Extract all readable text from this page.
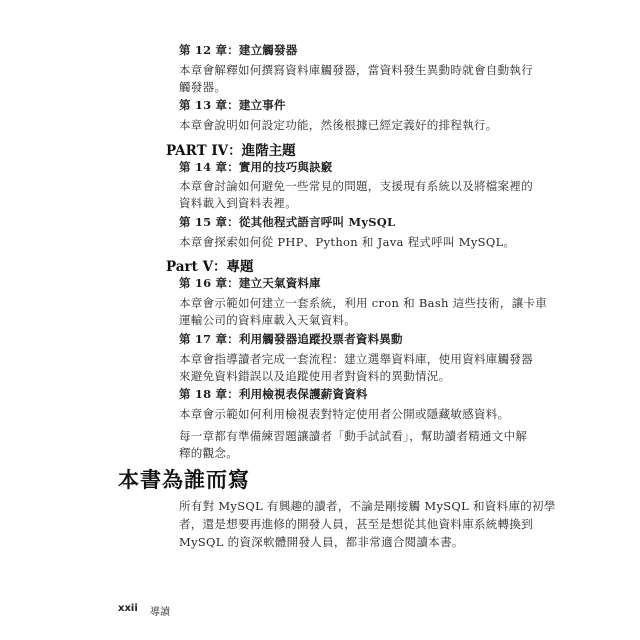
第 12 章：建立觸發器
本章會解釋如何撰寫資料庫觸發器，當資料發生異動時就會自動執行
觸發器。
第 13 章：建立事件
本章會說明如何設定功能，然後根據已經定義好的排程執行。
PART IV：進階主題
第 14 章：實用的技巧與訣竅
本章會討論如何避免一些常見的問題，支援現有系統以及將檔案裡的
資料載入到資料表裡。
第 15 章：從其他程式語言呼叫 MySQL
本章會探索如何從 PHP、Python 和 Java 程式呼叫 MySQL。
Part V：專題
第 16 章：建立天氣資料庫
本章會示範如何建立一套系統，利用 cron 和 Bash 這些技術，讓卡車
運輸公司的資料庫載入天氣資料。
第 17 章：利用觸發器追蹤投票者資料異動
本章會指導讀者完成一套流程：建立選舉資料庫，使用資料庫觸發器
來避免資料錯誤以及追蹤使用者對資料的異動情況。
第 18 章：利用檢視表保護薪資資料
本章會示範如何利用檢視表對特定使用者公開或隱藏敏感資料。
每一章都有準備練習題讓讀者「動手試試看」，幫助讀者精通文中解
釋的觀念。
本書為誰而寫
所有對 MySQL 有興趣的讀者，不論是剛接觸 MySQL 和資料庫的初學
者，還是想要再進修的開發人員，甚至是想從其他資料庫系統轉換到
MySQL 的資深軟體開發人員，都非常適合閱讀本書。
xxii 導讀
